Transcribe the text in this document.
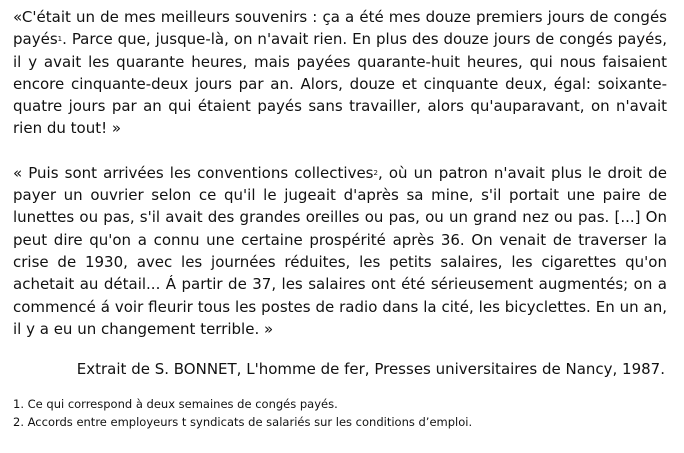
«C'était un de mes meilleurs souvenirs : ça a été mes douze premiers jours de congés payés$^1$. Parce que, jusque-là, on n'avait rien. En plus des douze jours de congés payés, il y avait les quarante heures, mais payées quarante-huit heures, qui nous faisaient encore cinquante-deux jours par an. Alors, douze et cinquante deux, égal: soixante-quatre jours par an qui étaient payés sans travailler, alors qu'auparavant, on n'avait rien du tout! »

« Puis sont arrivées les conventions collectives$^2$, où un patron n'avait plus le droit de payer un ouvrier selon ce qu'il le jugeait d'après sa mine, s'il portait une paire de lunettes ou pas, s'il avait des grandes oreilles ou pas, ou un grand nez ou pas. [...] On peut dire qu'on a connu une certaine prospérité après 36. On venait de traverser la crise de 1930, avec les journées réduites, les petits salaires, les cigarettes qu'on achetait au détail... Á partir de 37, les salaires ont été sérieusement augmentés; on a commencé á voir fleurir tous les postes de radio dans la cité, les bicyclettes. En un an, il y a eu un changement terrible. »

Extrait de S. BONNET, L'homme de fer, Presses universitaires de Nancy, 1987.
1. Ce qui correspond à deux semaines de congés payés.
2. Accords entre employeurs t syndicats de salariés sur les conditions d’emploi.
